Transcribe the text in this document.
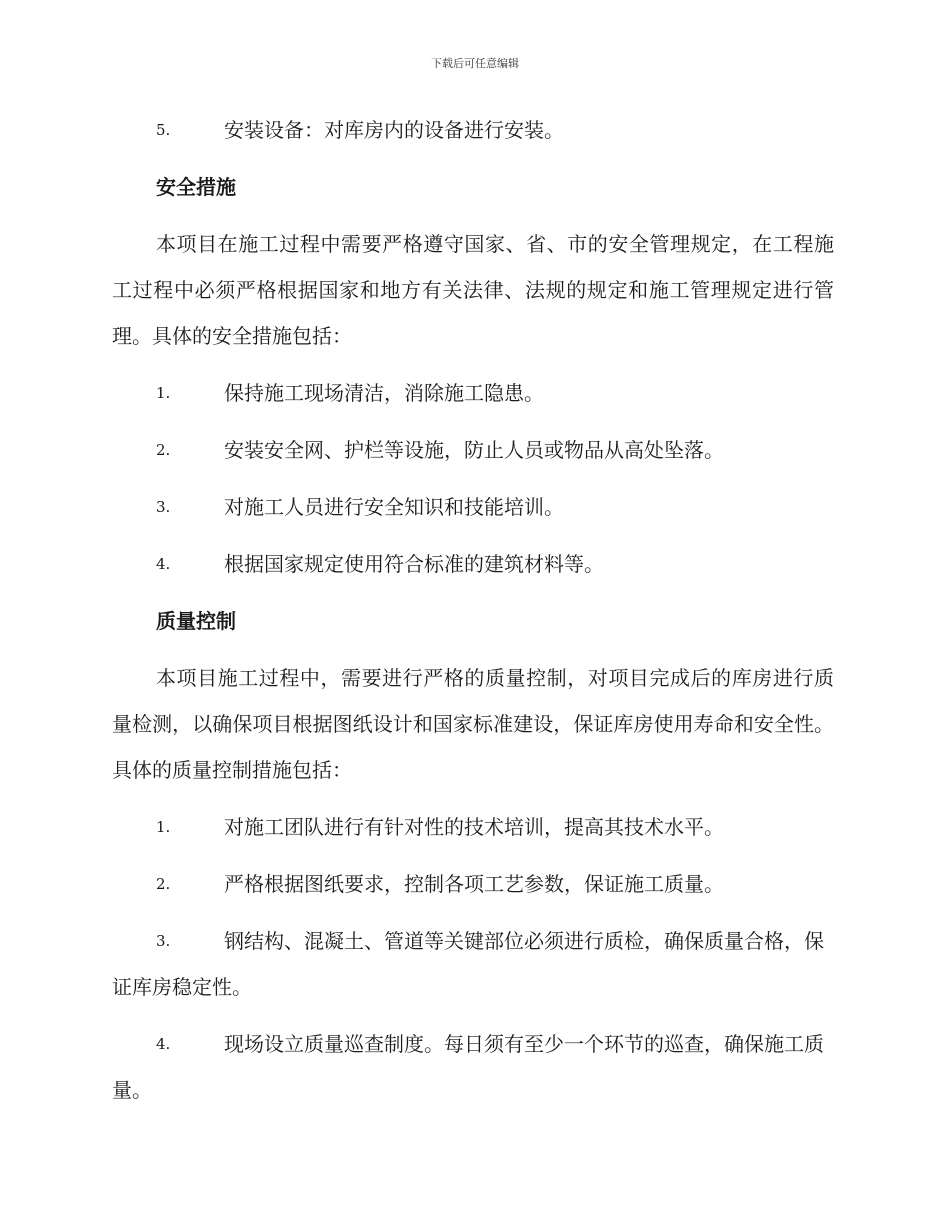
下载后可任意编辑
5.	安装设备：对库房内的设备进行安装。
安全措施

本项目在施工过程中需要严格遵守国家、省、市的安全管理规定，在工程施工过程中必须严格根据国家和地方有关法律、法规的规定和施工管理规定进行管理。具体的安全措施包括：

1.	保持施工现场清洁，消除施工隐患。
2.	安装安全网、护栏等设施，防止人员或物品从高处坠落。
3.	对施工人员进行安全知识和技能培训。
4.	根据国家规定使用符合标准的建筑材料等。
质量控制

本项目施工过程中，需要进行严格的质量控制，对项目完成后的库房进行质量检测，以确保项目根据图纸设计和国家标准建设，保证库房使用寿命和安全性。具体的质量控制措施包括：

1.	对施工团队进行有针对性的技术培训，提高其技术水平。
2.	严格根据图纸要求，控制各项工艺参数，保证施工质量。
3.	钢结构、混凝土、管道等关键部位必须进行质检，确保质量合格，保证库房稳定性。
4.	现场设立质量巡查制度。每日须有至少一个环节的巡查，确保施工质量。
